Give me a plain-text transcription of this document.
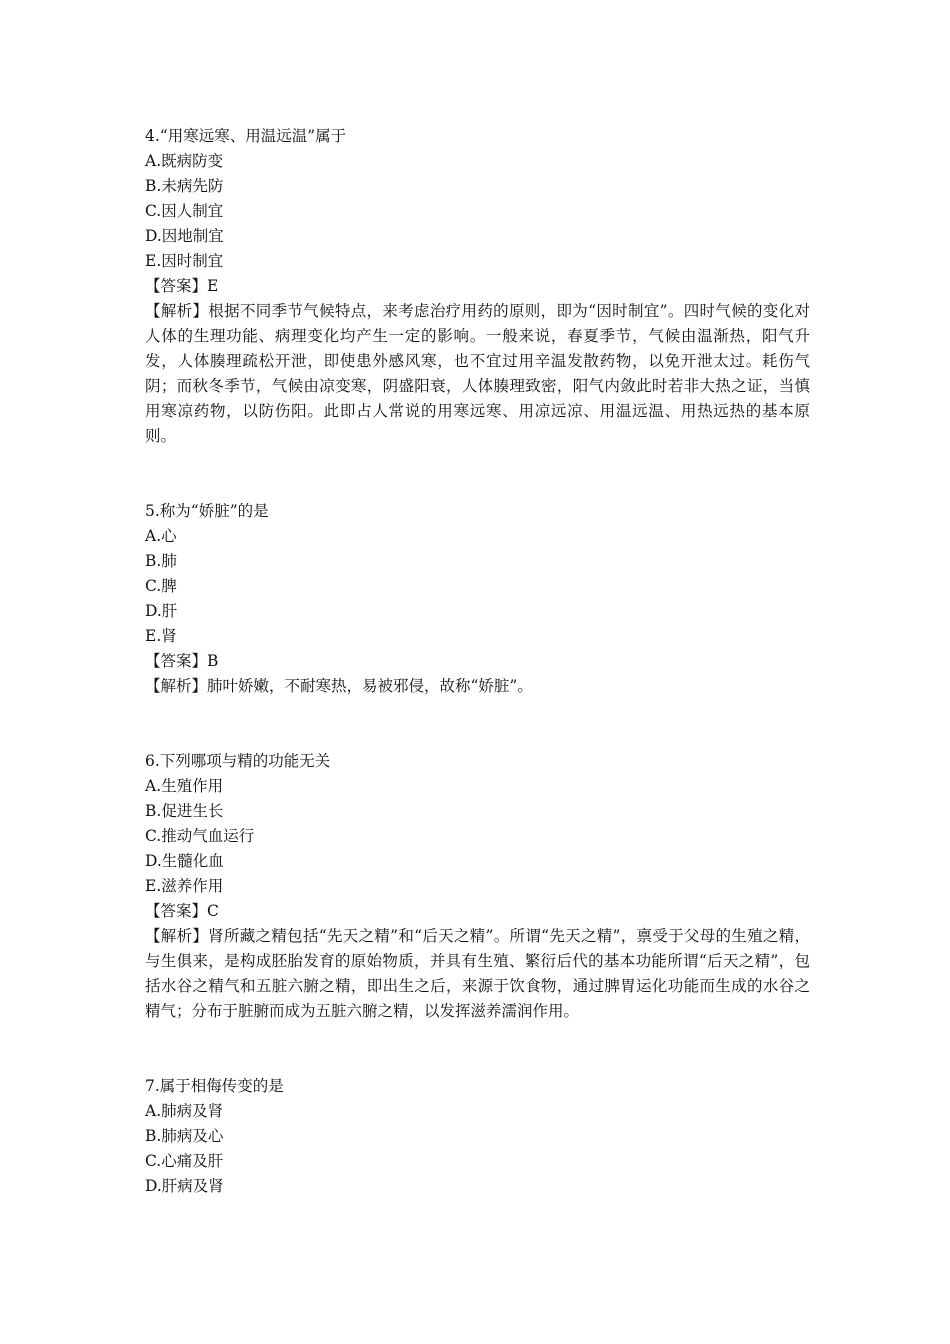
4.“用寒远寒、用温远温”属于

A.既病防变

B.未病先防

C.因人制宜

D.因地制宜

E.因时制宜

【答案】E

【解析】根据不同季节气候特点，来考虑治疗用药的原则，即为“因时制宜”。四时气候的变化对人体的生理功能、病理变化均产生一定的影响。一般来说，春夏季节，气候由温渐热，阳气升发，人体腠理疏松开泄，即使患外感风寒，也不宜过用辛温发散药物，以免开泄太过。耗伤气阴；而秋冬季节，气候由凉变寒，阴盛阳衰，人体腠理致密，阳气内敛此时若非大热之证，当慎用寒凉药物，以防伤阳。此即占人常说的用寒远寒、用凉远凉、用温远温、用热远热的基本原则。

5.称为“娇脏”的是

A.心

B.肺

C.脾

D.肝

E.肾

【答案】B

【解析】肺叶娇嫩，不耐寒热，易被邪侵，故称“娇脏”。

6.下列哪项与精的功能无关

A.生殖作用

B.促进生长

C.推动气血运行

D.生髓化血

E.滋养作用

【答案】C

【解析】肾所藏之精包括“先天之精”和“后天之精”。所谓“先天之精”，禀受于父母的生殖之精，与生俱来，是构成胚胎发育的原始物质，并具有生殖、繁衍后代的基本功能所谓“后天之精”，包括水谷之精气和五脏六腑之精，即出生之后，来源于饮食物，通过脾胃运化功能而生成的水谷之精气；分布于脏腑而成为五脏六腑之精，以发挥滋养濡润作用。

7.属于相侮传变的是

A.肺病及肾

B.肺病及心

C.心痛及肝

D.肝病及肾
